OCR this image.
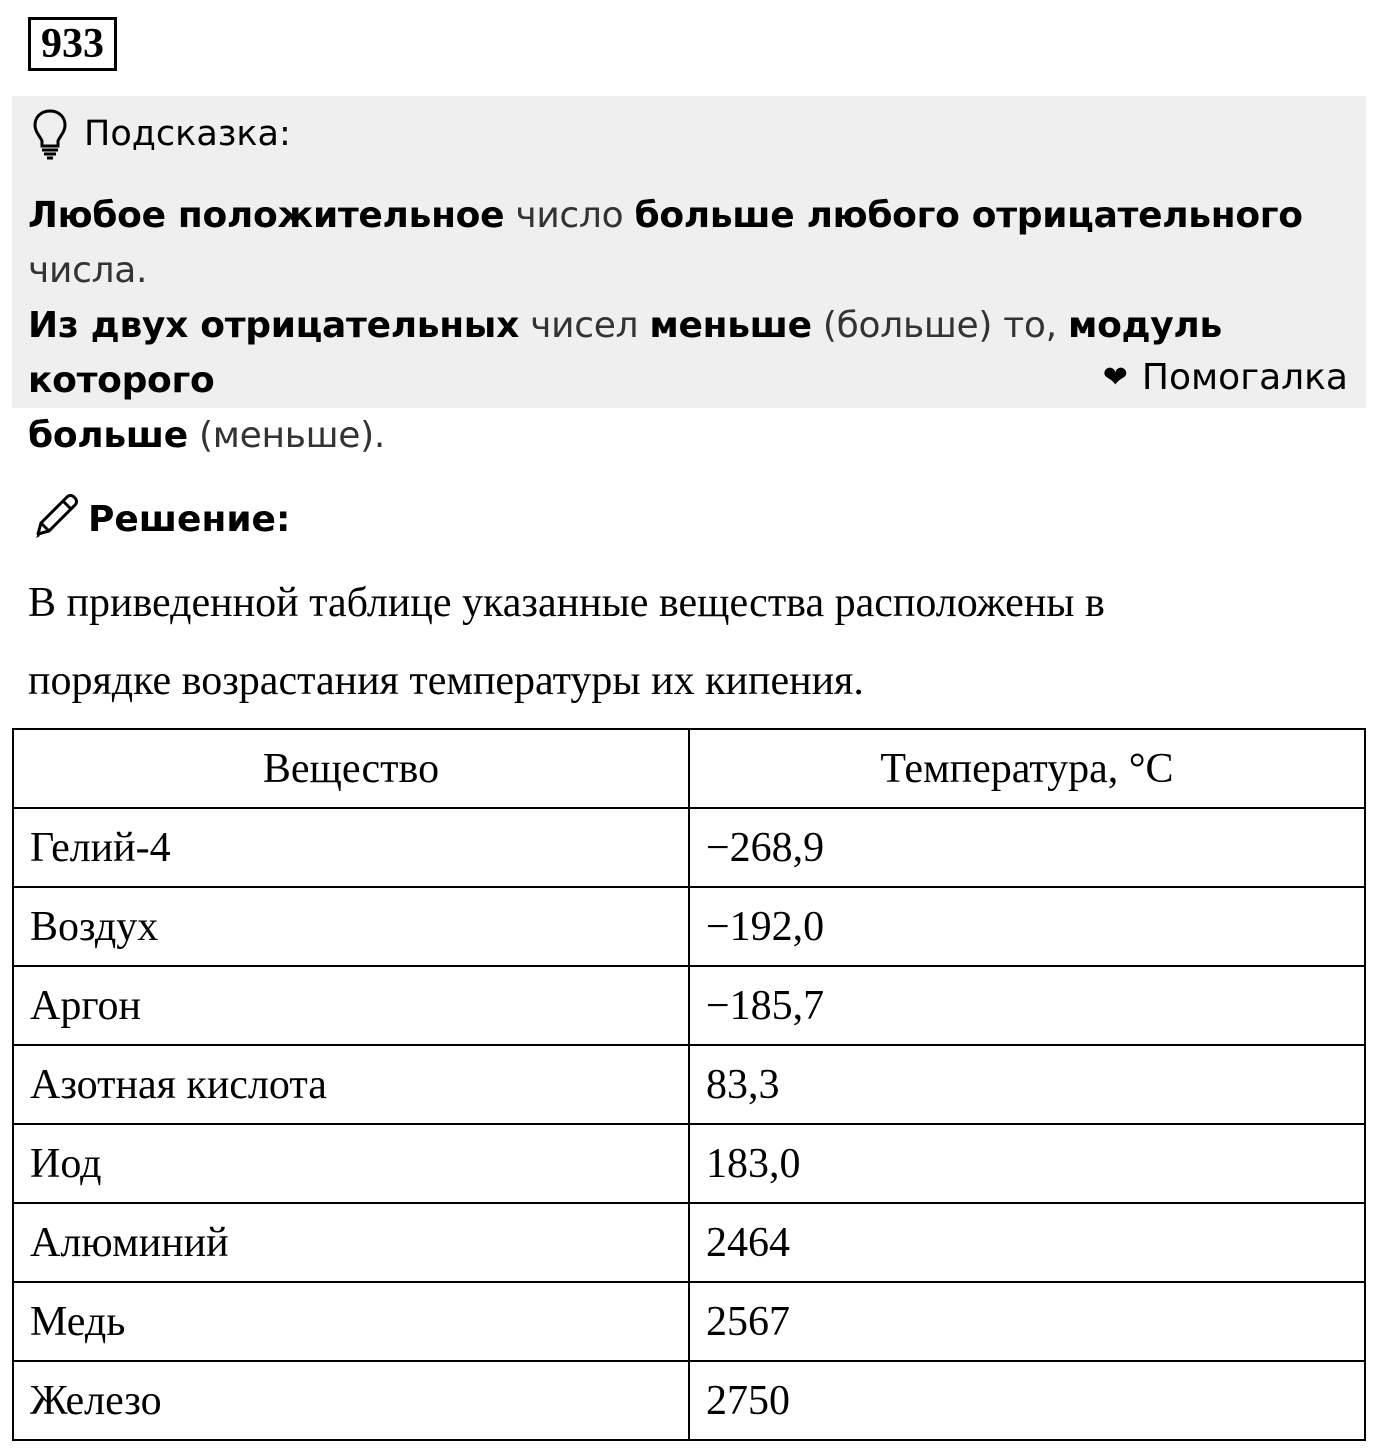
933
Подсказка:
Любое положительное число больше любого отрицательного числа.
Из двух отрицательных чисел меньше (больше) то, модуль которого
больше (меньше).
❤ Помогалка
Решение:
В приведенной таблице указанные вещества расположены в
порядке возрастания температуры их кипения.
Вещество	Температура, °C
Гелий-4	−268,9
Воздух	−192,0
Аргон	−185,7
Азотная кислота	83,3
Иод	183,0
Алюминий	2464
Медь	2567
Железо	2750
